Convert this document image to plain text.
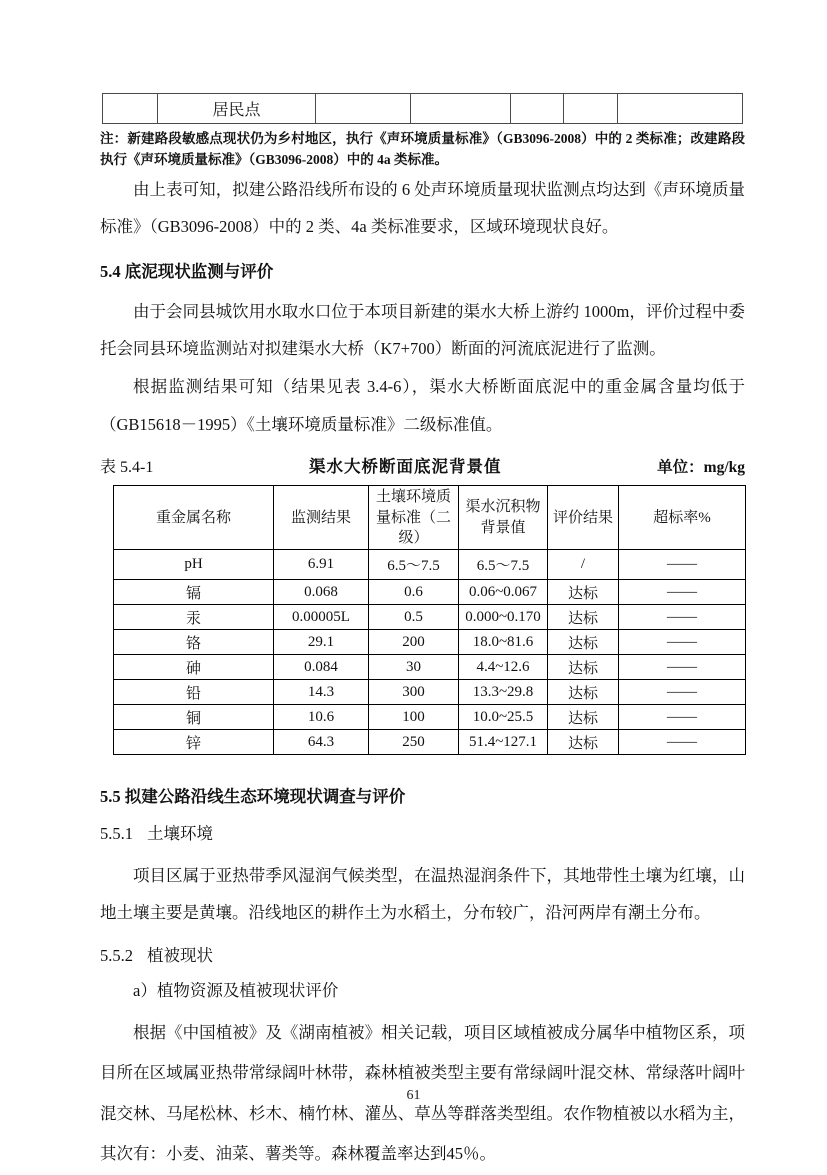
	居民点					
注：新建路段敏感点现状仍为乡村地区，执行《声环境质量标准》（GB3096-2008）中的 2 类标准；改建路段执行《声环境质量标准》（GB3096-2008）中的 4a 类标准。

由上表可知，拟建公路沿线所布设的 6 处声环境质量现状监测点均达到《声环境质量标准》（GB3096-2008）中的 2 类、4a 类标准要求，区域环境现状良好。

5.4 底泥现状监测与评价

由于会同县城饮用水取水口位于本项目新建的渠水大桥上游约 1000m，评价过程中委托会同县环境监测站对拟建渠水大桥（K7+700）断面的河流底泥进行了监测。

根据监测结果可知（结果见表 3.4-6），渠水大桥断面底泥中的重金属含量均低于（GB15618－1995）《土壤环境质量标准》二级标准值。

表 5.4-1	渠水大桥断面底泥背景值	单位：mg/kg
重金属名称	监测结果	土壤环境质量标准（二级）	渠水沉积物背景值	评价结果	超标率%
pH	6.91	6.5～7.5	6.5～7.5	/	——
镉	0.068	0.6	0.06~0.067	达标	——
汞	0.00005L	0.5	0.000~0.170	达标	——
铬	29.1	200	18.0~81.6	达标	——
砷	0.084	30	4.4~12.6	达标	——
铅	14.3	300	13.3~29.8	达标	——
铜	10.6	100	10.0~25.5	达标	——
锌	64.3	250	51.4~127.1	达标	——
5.5 拟建公路沿线生态环境现状调查与评价
5.5.1 土壤环境

项目区属于亚热带季风湿润气候类型，在温热湿润条件下，其地带性土壤为红壤，山地土壤主要是黄壤。沿线地区的耕作土为水稻土，分布较广，沿河两岸有潮土分布。

5.5.2 植被现状
a）植物资源及植被现状评价

根据《中国植被》及《湖南植被》相关记载，项目区域植被成分属华中植物区系，项目所在区域属亚热带常绿阔叶林带，森林植被类型主要有常绿阔叶混交林、常绿落叶阔叶混交林、马尾松林、杉木、楠竹林、灌丛、草丛等群落类型组。农作物植被以水稻为主，其次有：小麦、油菜、薯类等。森林覆盖率达到45％。

61
